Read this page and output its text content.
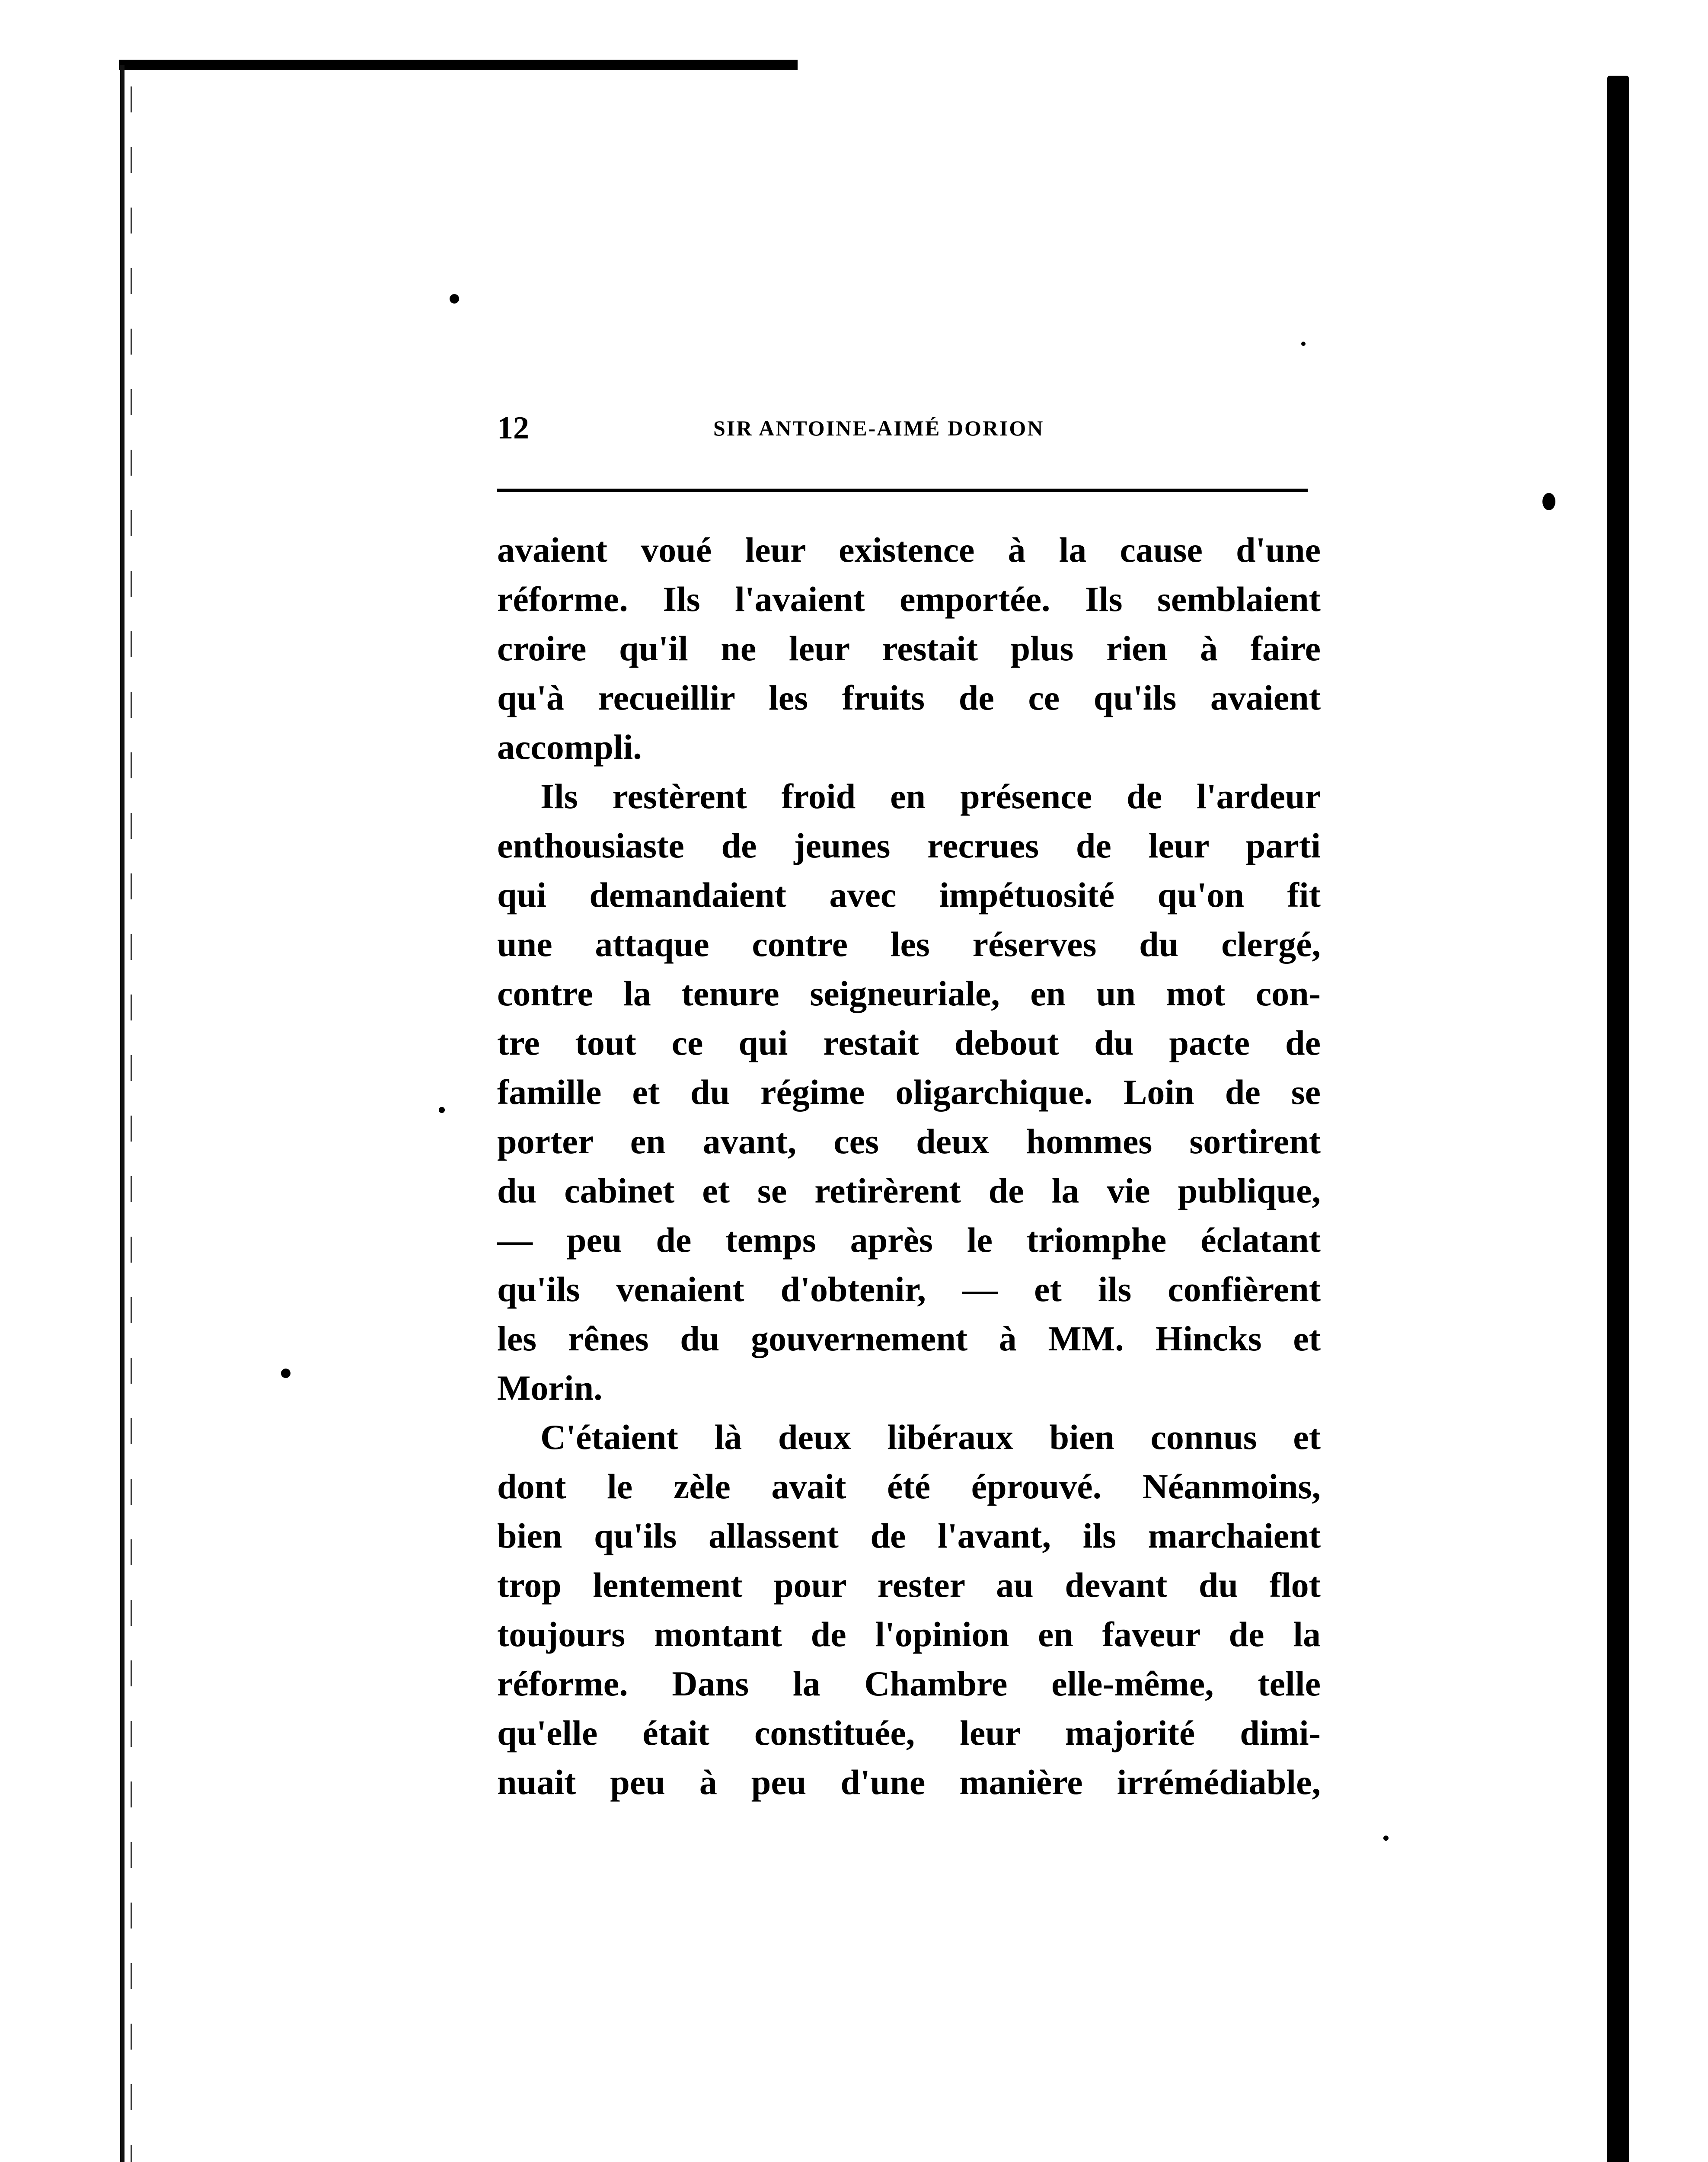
12	SIR ANTOINE-AIMÉ DORION
avaient voué leur existence à la cause d'une
réforme. Ils l'avaient emportée. Ils semblaient
croire qu'il ne leur restait plus rien à faire
qu'à recueillir les fruits de ce qu'ils avaient
accompli.
Ils restèrent froid en présence de l'ardeur
enthousiaste de jeunes recrues de leur parti
qui demandaient avec impétuosité qu'on fit
une attaque contre les réserves du clergé,
contre la tenure seigneuriale, en un mot con-
tre tout ce qui restait debout du pacte de
famille et du régime oligarchique. Loin de se
porter en avant, ces deux hommes sortirent
du cabinet et se retirèrent de la vie publique,
— peu de temps après le triomphe éclatant
qu'ils venaient d'obtenir, — et ils confièrent
les rênes du gouvernement à MM. Hincks et
Morin.
C'étaient là deux libéraux bien connus et
dont le zèle avait été éprouvé. Néanmoins,
bien qu'ils allassent de l'avant, ils marchaient
trop lentement pour rester au devant du flot
toujours montant de l'opinion en faveur de la
réforme. Dans la Chambre elle-même, telle
qu'elle était constituée, leur majorité dimi-
nuait peu à peu d'une manière irrémédiable,
